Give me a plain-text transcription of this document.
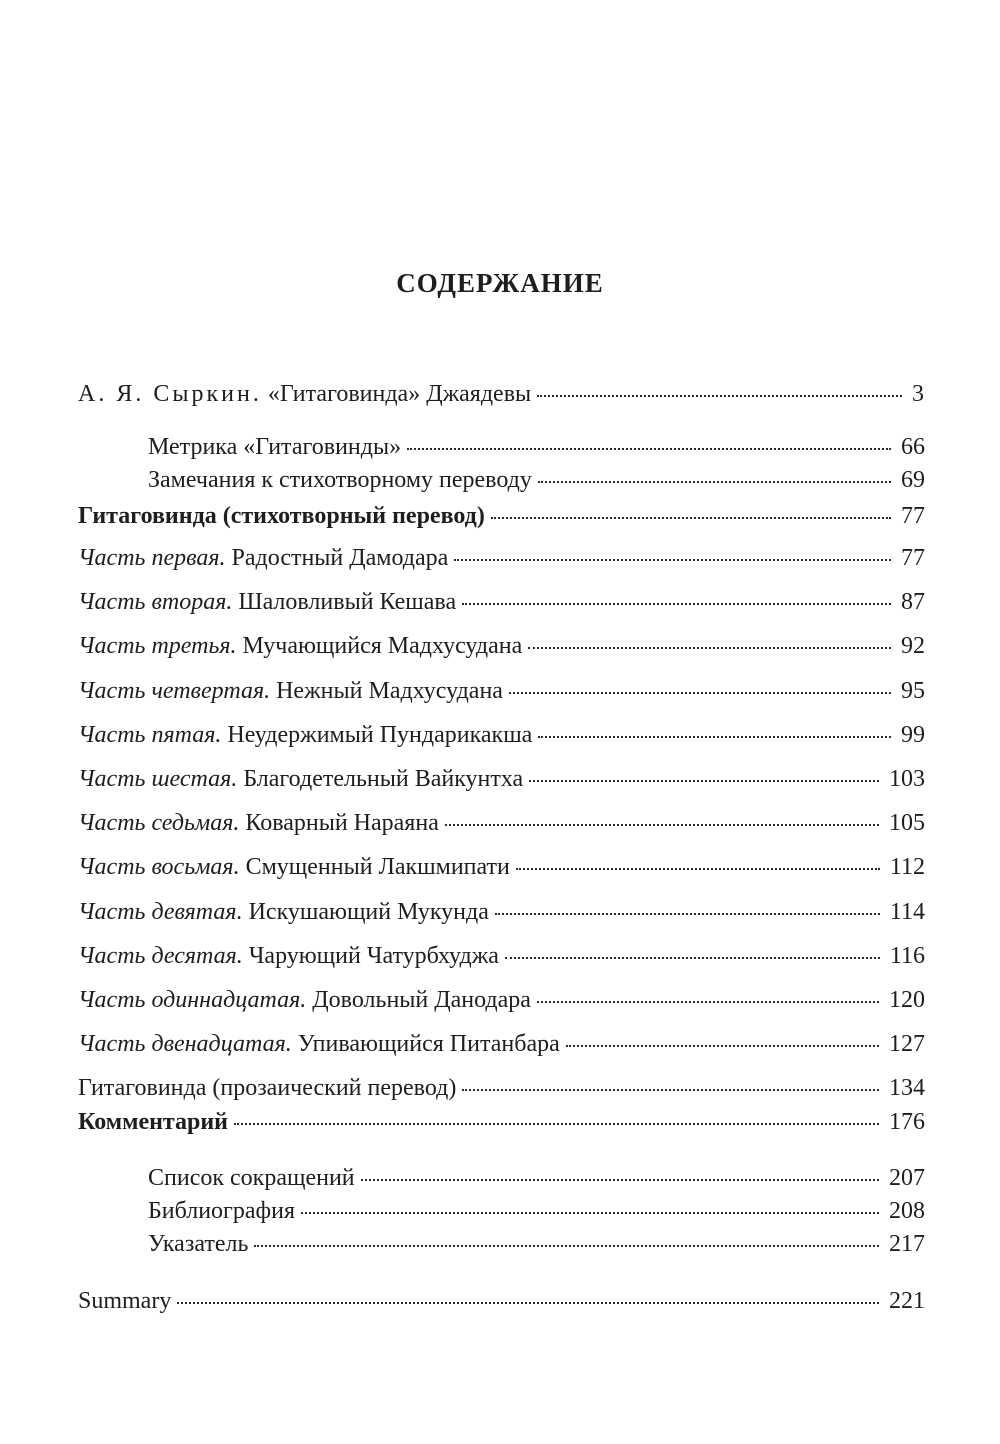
СОДЕРЖАНИЕ
А. Я. Сыркин. «Гитаговинда» Джаядевы	3
Метрика «Гитаговинды»	66
Замечания к стихотворному переводу	69
Гитаговинда (стихотворный перевод)	77
Часть первая. Радостный Дамодара	77
Часть вторая. Шаловливый Кешава	87
Часть третья. Мучающийся Мадхусудана	92
Часть четвертая. Нежный Мадхусудана	95
Часть пятая. Неудержимый Пундарикакша	99
Часть шестая. Благодетельный Вайкунтха	103
Часть седьмая. Коварный Нараяна	105
Часть восьмая. Смущенный Лакшмипати	112
Часть девятая. Искушающий Мукунда	114
Часть десятая. Чарующий Чатурбхуджа	116
Часть одиннадцатая. Довольный Данодара	120
Часть двенадцатая. Упивающийся Питанбара	127
Гитаговинда (прозаический перевод)	134
Комментарий	176
Список сокращений	207
Библиография	208
Указатель	217
Summary	221
